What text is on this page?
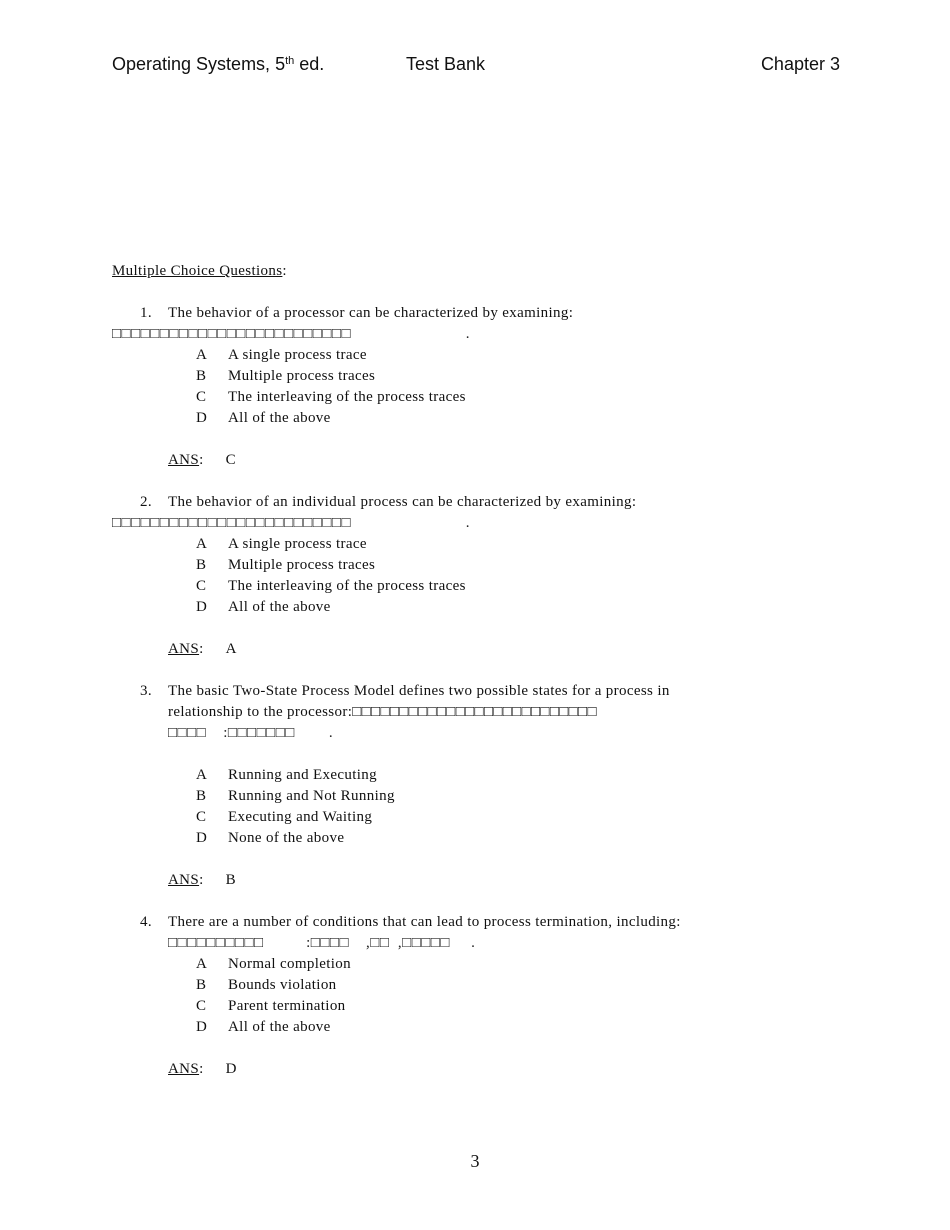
Operating Systems, 5th ed.	Test Bank	Chapter 3
Multiple Choice Questions:
1. The behavior of a processor can be characterized by examining:
□□□□□□□□□□□□□□□□□□□□□□□□□                           .
A A single process trace
B Multiple process traces
C The interleaving of the process traces
D All of the above
ANS: C
2. The behavior of an individual process can be characterized by examining:
□□□□□□□□□□□□□□□□□□□□□□□□□                           .
A A single process trace
B Multiple process traces
C The interleaving of the process traces
D All of the above
ANS: A
3. The basic Two-State Process Model defines two possible states for a process in
relationship to the processor:□□□□□□□□□□□□□□□□□□□□□□□□□□
□□□□    :□□□□□□□        .
A Running and Executing
B Running and Not Running
C Executing and Waiting
D None of the above
ANS: B
4. There are a number of conditions that can lead to process termination, including:
□□□□□□□□□□          :□□□□    ,□□  ,□□□□□     .
A Normal completion
B Bounds violation
C Parent termination
D All of the above
ANS: D
3
